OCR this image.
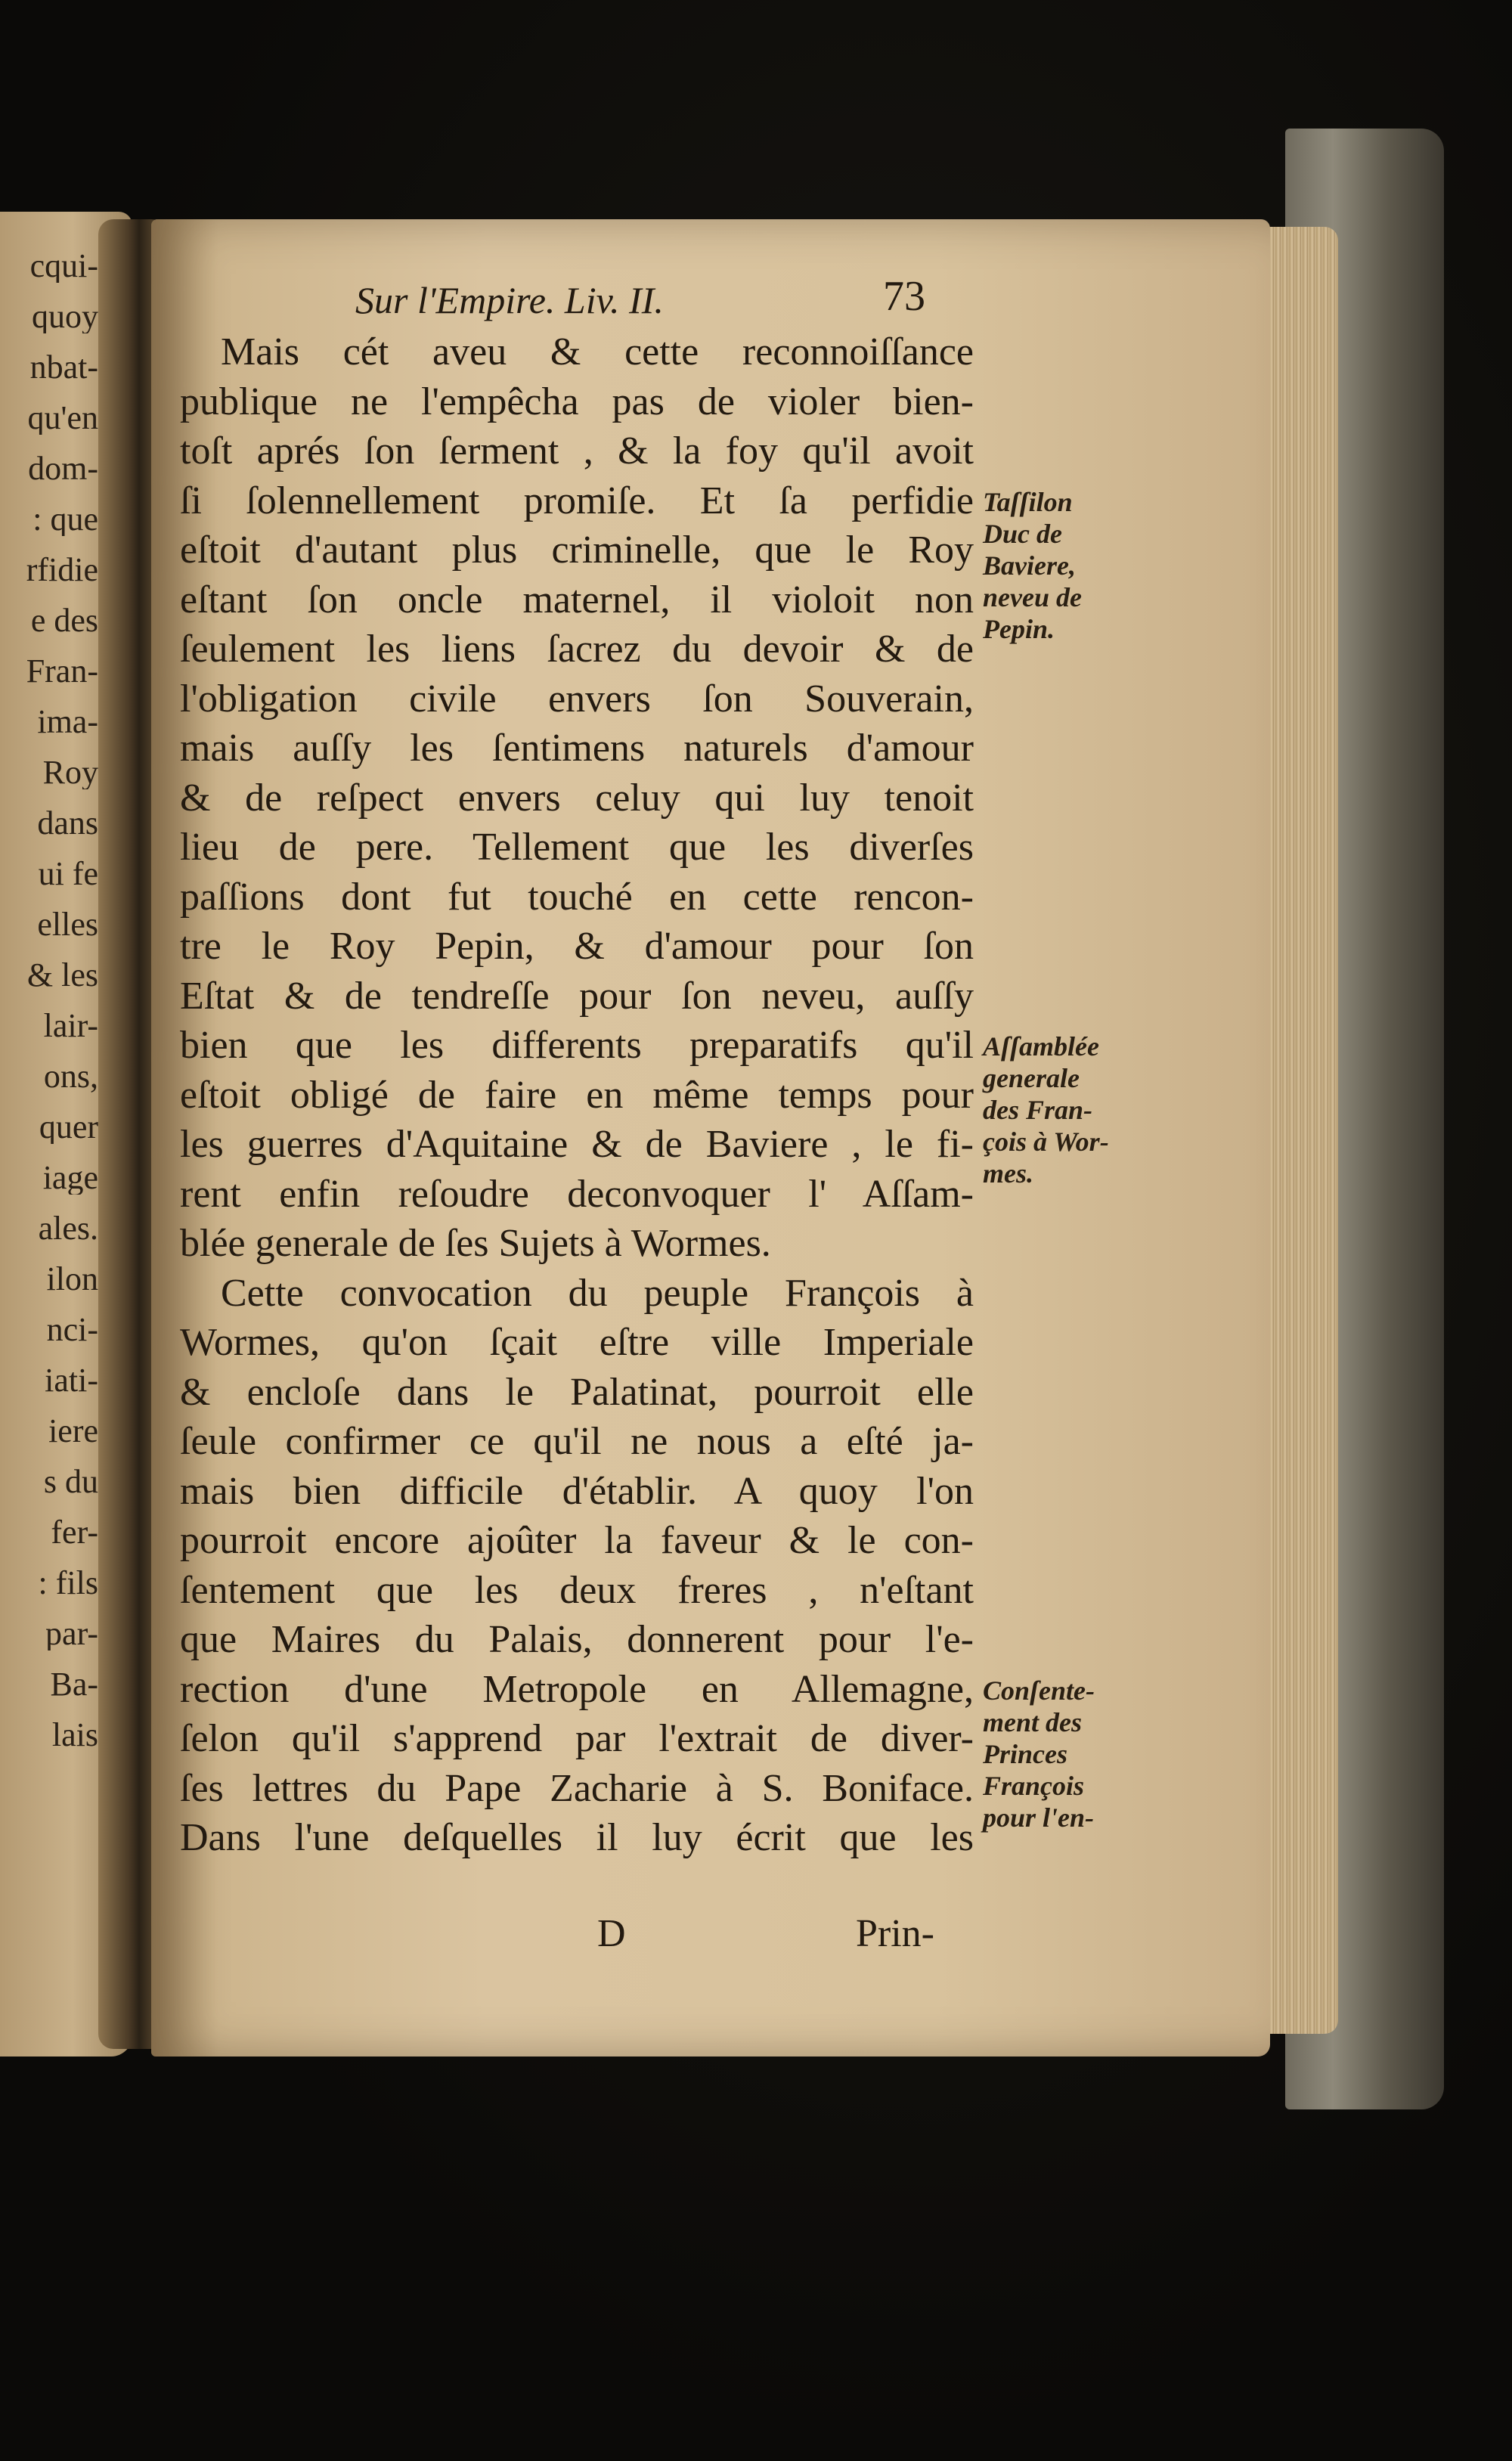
cqui-
quoy
nbat-
qu'en
dom-
: que
rfidie
e des
Fran-
ima-
Roy
dans
ui fe
elles
& les
lair-
ons,
quer
iage
ales.
ilon
nci-
iati-
iere
s du
fer-
: fils
par-
Ba-
lais
Sur l'Empire. Liv. II.	73
Mais cét aveu & cette reconnoiſſance
publique ne l'empêcha pas de violer bien-
toſt aprés ſon ſerment , & la foy qu'il avoit
ſi ſolennellement promiſe. Et ſa perfidie
eſtoit d'autant plus criminelle, que le Roy
eſtant ſon oncle maternel, il violoit non
ſeulement les liens ſacrez du devoir & de
l'obligation civile envers ſon Souverain,
mais auſſy les ſentimens naturels d'amour
& de reſpect envers celuy qui luy tenoit
lieu de pere. Tellement que les diverſes
paſſions dont fut touché en cette rencon-
tre le Roy Pepin, & d'amour pour ſon
Eſtat & de tendreſſe pour ſon neveu, auſſy
bien que les differents preparatifs qu'il
eſtoit obligé de faire en même temps pour
les guerres d'Aquitaine & de Baviere , le fi-
rent enfin reſoudre deconvoquer l' Aſſam-
blée generale de ſes Sujets à Wormes.
Cette convocation du peuple François à
Wormes, qu'on ſçait eſtre ville Imperiale
& encloſe dans le Palatinat, pourroit elle
ſeule confirmer ce qu'il ne nous a eſté ja-
mais bien difficile d'établir. A quoy l'on
pourroit encore ajoûter la faveur & le con-
ſentement que les deux freres , n'eſtant
que Maires du Palais, donnerent pour l'e-
rection d'une Metropole en Allemagne,
ſelon qu'il s'apprend par l'extrait de diver-
ſes lettres du Pape Zacharie à S. Boniface.
Dans l'une deſquelles il luy écrit que les
Taſſilon
Duc de
Baviere,
neveu de
Pepin.
Aſſamblée
generale
des Fran-
çois à Wor-
mes.
Conſente-
ment des
Princes
François
pour l'en-
D	Prin-
